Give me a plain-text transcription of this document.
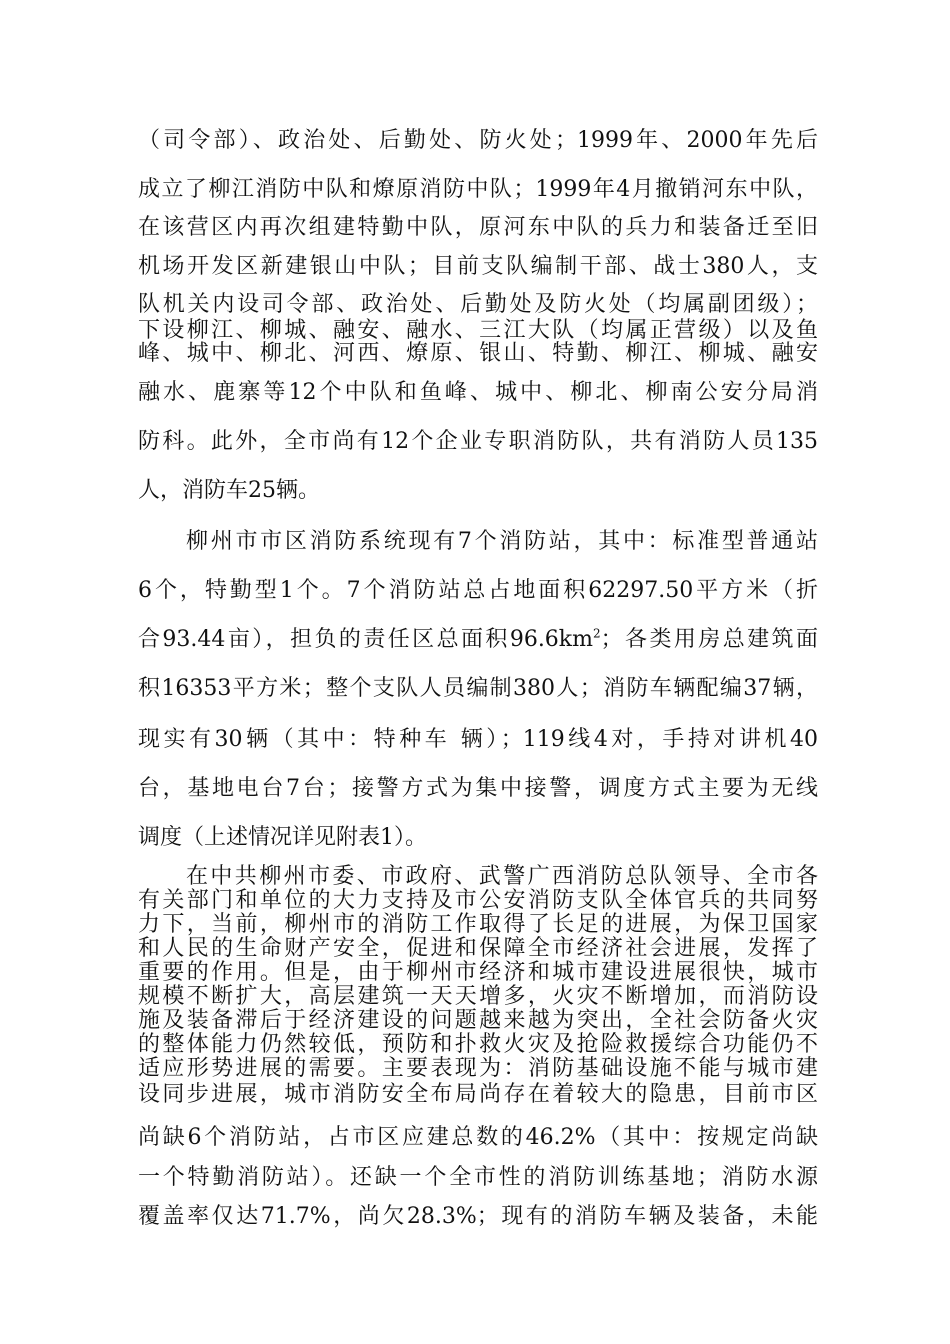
（司令部）、政治处、后勤处、防火处；1999年、2000年先后
成立了柳江消防中队和燎原消防中队；1999年4月撤销河东中队，
在该营区内再次组建特勤中队，原河东中队的兵力和装备迁至旧
机场开发区新建银山中队；目前支队编制干部、战士380人，支
队机关内设司令部、政治处、后勤处及防火处（均属副团级）；
下设柳江、柳城、融安、融水、三江大队（均属正营级）以及鱼
峰、城中、柳北、河西、燎原、银山、特勤、柳江、柳城、融安
融水、鹿寨等12个中队和鱼峰、城中、柳北、柳南公安分局消
防科。此外，全市尚有12个企业专职消防队，共有消防人员135
人，消防车25辆。
柳州市市区消防系统现有7个消防站，其中：标准型普通站
6个，特勤型1个。7个消防站总占地面积62297.50平方米（折
合93.44亩），担负的责任区总面积$96.6km^2$；各类用房总建筑面
积16353平方米；整个支队人员编制380人；消防车辆配编37辆，
现实有30辆（其中：特种车 辆）；119线4对，手持对讲机40
台，基地电台7台；接警方式为集中接警，调度方式主要为无线
调度（上述情况详见附表1）。
在中共柳州市委、市政府、武警广西消防总队领导、全市各
有关部门和单位的大力支持及市公安消防支队全体官兵的共同努
力下，当前，柳州市的消防工作取得了长足的进展，为保卫国家
和人民的生命财产安全，促进和保障全市经济社会进展，发挥了
重要的作用。但是，由于柳州市经济和城市建设进展很快，城市
规模不断扩大，高层建筑一天天增多，火灾不断增加，而消防设
施及装备滞后于经济建设的问题越来越为突出，全社会防备火灾
的整体能力仍然较低，预防和扑救火灾及抢险救援综合功能仍不
适应形势进展的需要。主要表现为：消防基础设施不能与城市建
设同步进展，城市消防安全布局尚存在着较大的隐患，目前市区
尚缺6个消防站，占市区应建总数的46.2%（其中：按规定尚缺
一个特勤消防站）。还缺一个全市性的消防训练基地；消防水源
覆盖率仅达71.7%，尚欠28.3%；现有的消防车辆及装备，未能
